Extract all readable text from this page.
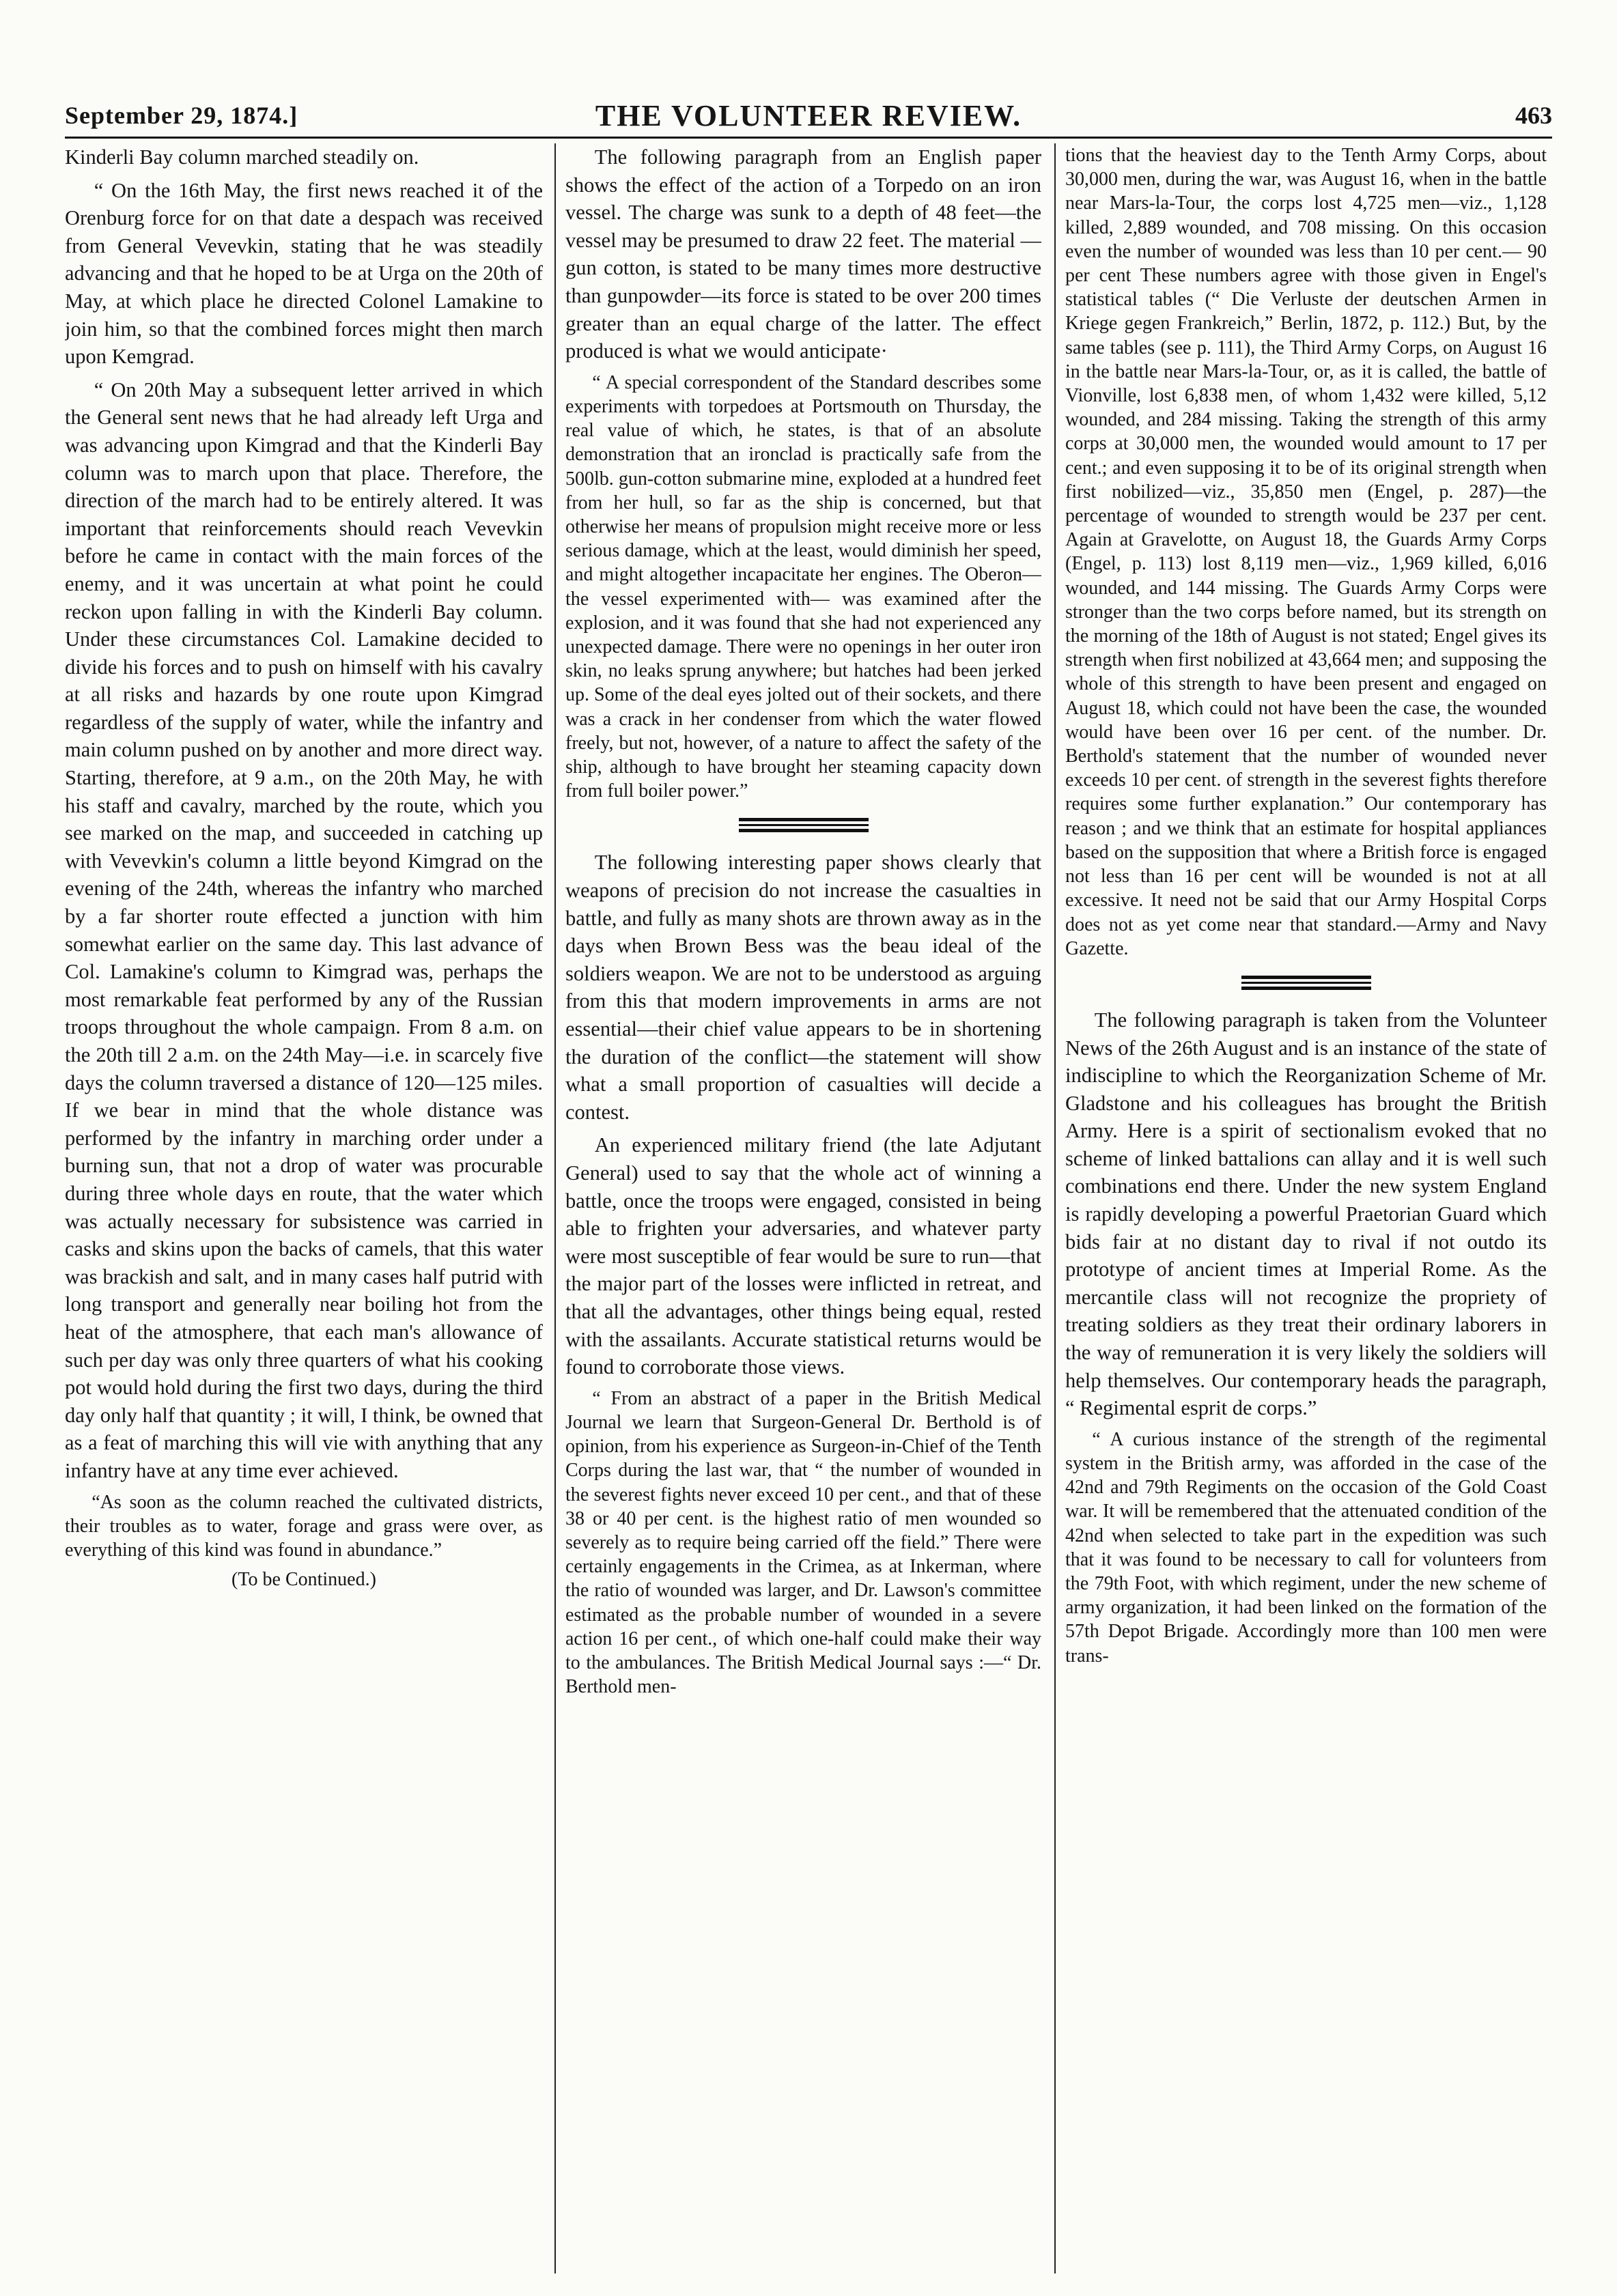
September 29, 1874.]	THE VOLUNTEER REVIEW.	463

Kinderli Bay column marched steadily on.

“ On the 16th May, the first news reached it of the Orenburg force for on that date a despach was received from General Vevevkin, stating that he was steadily advancing and that he hoped to be at Urga on the 20th of May, at which place he directed Colonel Lamakine to join him, so that the combined forces might then march upon Kemgrad.

“ On 20th May a subsequent letter arrived in which the General sent news that he had already left Urga and was advancing upon Kimgrad and that the Kinderli Bay column was to march upon that place. Therefore, the direction of the march had to be entirely altered. It was important that reinforcements should reach Vevevkin before he came in contact with the main forces of the enemy, and it was uncertain at what point he could reckon upon falling in with the Kinderli Bay column. Under these circumstances Col. Lamakine decided to divide his forces and to push on himself with his cavalry at all risks and hazards by one route upon Kimgrad regardless of the supply of water, while the infantry and main column pushed on by another and more direct way. Starting, therefore, at 9 a.m., on the 20th May, he with his staff and cavalry, marched by the route, which you see marked on the map, and succeeded in catching up with Vevevkin's column a little beyond Kimgrad on the evening of the 24th, whereas the infantry who marched by a far shorter route effected a junction with him somewhat earlier on the same day. This last advance of Col. Lamakine's column to Kimgrad was, perhaps the most remarkable feat performed by any of the Russian troops throughout the whole campaign. From 8 a.m. on the 20th till 2 a.m. on the 24th May—i.e. in scarcely five days the column traversed a distance of 120—125 miles. If we bear in mind that the whole distance was performed by the infantry in marching order under a burning sun, that not a drop of water was procurable during three whole days en route, that the water which was actually necessary for subsistence was carried in casks and skins upon the backs of camels, that this water was brackish and salt, and in many cases half putrid with long transport and generally near boiling hot from the heat of the atmosphere, that each man's allowance of such per day was only three quarters of what his cooking pot would hold during the first two days, during the third day only half that quantity ; it will, I think, be owned that as a feat of marching this will vie with anything that any infantry have at any time ever achieved.

“As soon as the column reached the cultivated districts, their troubles as to water, forage and grass were over, as everything of this kind was found in abundance.”

(To be Continued.)

The following paragraph from an English paper shows the effect of the action of a Torpedo on an iron vessel. The charge was sunk to a depth of 48 feet—the vessel may be presumed to draw 22 feet. The material —gun cotton, is stated to be many times more destructive than gunpowder—its force is stated to be over 200 times greater than an equal charge of the latter. The effect produced is what we would anticipate·

“ A special correspondent of the Standard describes some experiments with torpedoes at Portsmouth on Thursday, the real value of which, he states, is that of an absolute demonstration that an ironclad is practically safe from the 500lb. gun-cotton submarine mine, exploded at a hundred feet from her hull, so far as the ship is concerned, but that otherwise her means of propulsion might receive more or less serious damage, which at the least, would diminish her speed, and might altogether incapacitate her engines. The Oberon—the vessel experimented with— was examined after the explosion, and it was found that she had not experienced any unexpected damage. There were no openings in her outer iron skin, no leaks sprung anywhere; but hatches had been jerked up. Some of the deal eyes jolted out of their sockets, and there was a crack in her condenser from which the water flowed freely, but not, however, of a nature to affect the safety of the ship, although to have brought her steaming capacity down from full boiler power.”

The following interesting paper shows clearly that weapons of precision do not increase the casualties in battle, and fully as many shots are thrown away as in the days when Brown Bess was the beau ideal of the soldiers weapon. We are not to be understood as arguing from this that modern improvements in arms are not essential—their chief value appears to be in shortening the duration of the conflict—the statement will show what a small proportion of casualties will decide a contest.

An experienced military friend (the late Adjutant General) used to say that the whole act of winning a battle, once the troops were engaged, consisted in being able to frighten your adversaries, and whatever party were most susceptible of fear would be sure to run—that the major part of the losses were inflicted in retreat, and that all the advantages, other things being equal, rested with the assailants. Accurate statistical returns would be found to corroborate those views.

“ From an abstract of a paper in the British Medical Journal we learn that Surgeon-General Dr. Berthold is of opinion, from his experience as Surgeon-in-Chief of the Tenth Corps during the last war, that “ the number of wounded in the severest fights never exceed 10 per cent., and that of these 38 or 40 per cent. is the highest ratio of men wounded so severely as to require being carried off the field.” There were certainly engagements in the Crimea, as at Inkerman, where the ratio of wounded was larger, and Dr. Lawson's committee estimated as the probable number of wounded in a severe action 16 per cent., of which one-half could make their way to the ambulances. The British Medical Journal says :—“ Dr. Berthold men-

tions that the heaviest day to the Tenth Army Corps, about 30,000 men, during the war, was August 16, when in the battle near Mars-la-Tour, the corps lost 4,725 men—viz., 1,128 killed, 2,889 wounded, and 708 missing. On this occasion even the number of wounded was less than 10 per cent.— 90 per cent These numbers agree with those given in Engel's statistical tables (“ Die Verluste der deutschen Armen in Kriege gegen Frankreich,” Berlin, 1872, p. 112.) But, by the same tables (see p. 111), the Third Army Corps, on August 16 in the battle near Mars-la-Tour, or, as it is called, the battle of Vionville, lost 6,838 men, of whom 1,432 were killed, 5,12 wounded, and 284 missing. Taking the strength of this army corps at 30,000 men, the wounded would amount to 17 per cent.; and even supposing it to be of its original strength when first nobilized—viz., 35,850 men (Engel, p. 287)—the percentage of wounded to strength would be 237 per cent. Again at Gravelotte, on August 18, the Guards Army Corps (Engel, p. 113) lost 8,119 men—viz., 1,969 killed, 6,016 wounded, and 144 missing. The Guards Army Corps were stronger than the two corps before named, but its strength on the morning of the 18th of August is not stated; Engel gives its strength when first nobilized at 43,664 men; and supposing the whole of this strength to have been present and engaged on August 18, which could not have been the case, the wounded would have been over 16 per cent. of the number. Dr. Berthold's statement that the number of wounded never exceeds 10 per cent. of strength in the severest fights therefore requires some further explanation.” Our contemporary has reason ; and we think that an estimate for hospital appliances based on the supposition that where a British force is engaged not less than 16 per cent will be wounded is not at all excessive. It need not be said that our Army Hospital Corps does not as yet come near that standard.—Army and Navy Gazette.

The following paragraph is taken from the Volunteer News of the 26th August and is an instance of the state of indiscipline to which the Reorganization Scheme of Mr. Gladstone and his colleagues has brought the British Army. Here is a spirit of sectionalism evoked that no scheme of linked battalions can allay and it is well such combinations end there. Under the new system England is rapidly developing a powerful Praetorian Guard which bids fair at no distant day to rival if not outdo its prototype of ancient times at Imperial Rome. As the mercantile class will not recognize the propriety of treating soldiers as they treat their ordinary laborers in the way of remuneration it is very likely the soldiers will help themselves. Our contemporary heads the paragraph, “ Regimental esprit de corps.”

“ A curious instance of the strength of the regimental system in the British army, was afforded in the case of the 42nd and 79th Regiments on the occasion of the Gold Coast war. It will be remembered that the attenuated condition of the 42nd when selected to take part in the expedition was such that it was found to be necessary to call for volunteers from the 79th Foot, with which regiment, under the new scheme of army organization, it had been linked on the formation of the 57th Depot Brigade. Accordingly more than 100 men were trans-
